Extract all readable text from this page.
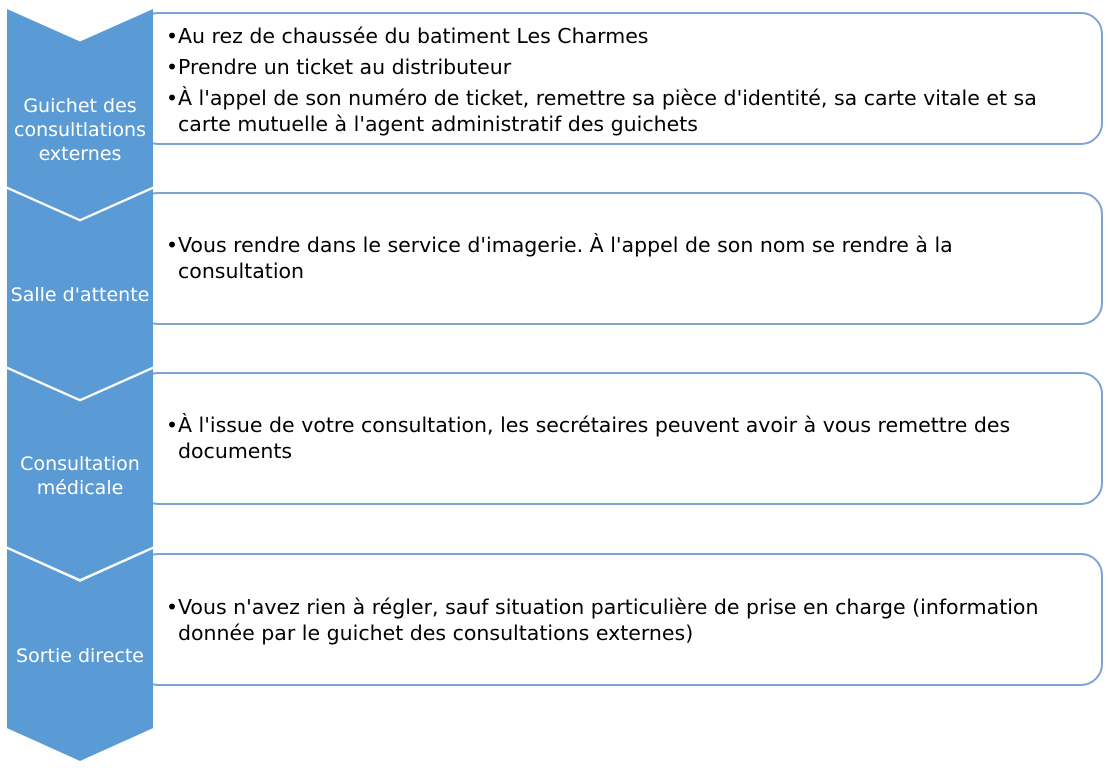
• Au rez de chaussée du batiment Les Charmes
• Prendre un ticket au distributeur
• À l'appel de son numéro de ticket, remettre sa pièce d'identité, sa carte vitale et sa carte mutuelle à l'agent administratif des guichets
Guichet des consultlations externes
• Vous rendre dans le service d'imagerie. À l'appel de son nom se rendre à la consultation
Salle d'attente
• À l'issue de votre consultation, les secrétaires peuvent avoir à vous remettre des documents
Consultation médicale
• Vous n'avez rien à régler, sauf situation particulière de prise en charge (information donnée par le guichet des consultations externes)
Sortie directe
